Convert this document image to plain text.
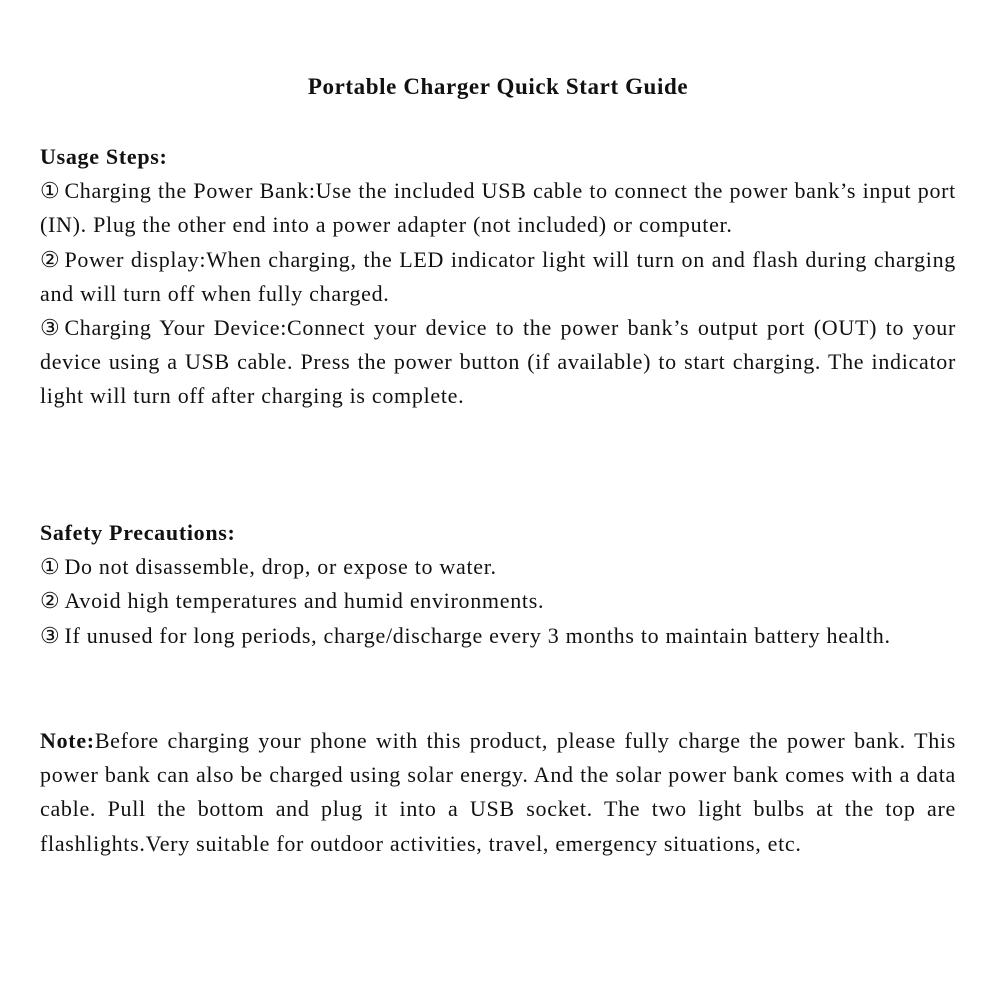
Portable Charger Quick Start Guide
Usage Steps:
① Charging the Power Bank:Use the included USB cable to connect the power bank’s input port (IN). Plug the other end into a power adapter (not included) or computer.
② Power display:When charging, the LED indicator light will turn on and flash during charging and will turn off when fully charged.
③ Charging Your Device:Connect your device to the power bank’s output port (OUT) to your device using a USB cable. Press the power button (if available) to start charging. The indicator light will turn off after charging is complete.
Safety Precautions:
① Do not disassemble, drop, or expose to water.
② Avoid high temperatures and humid environments.
③ If unused for long periods, charge/discharge every 3 months to maintain battery health.
Note:Before charging your phone with this product, please fully charge the power bank. This power bank can also be charged using solar energy. And the solar power bank comes with a data cable. Pull the bottom and plug it into a USB socket. The two light bulbs at the top are flashlights.Very suitable for outdoor activities, travel, emergency situations, etc.
